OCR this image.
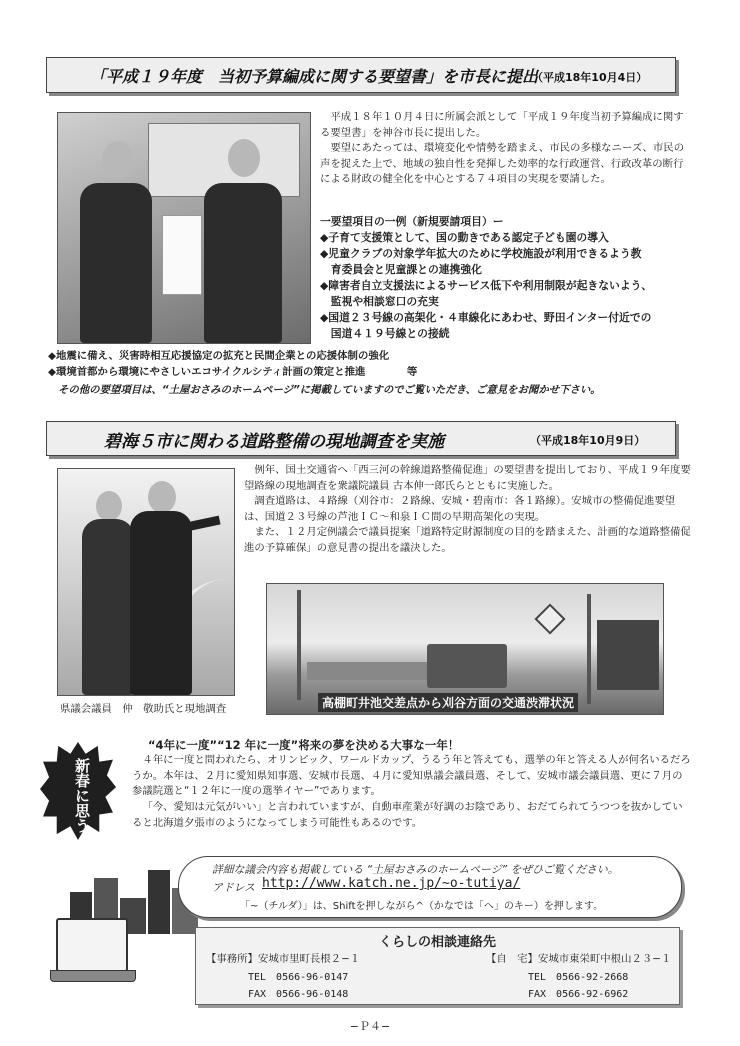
「平成１９年度　当初予算編成に関する要望書」を市長に提出
（平成18年10月4日）
平成１８年１０月４日に所属会派として「平成１９年度当初予算編成に関する要望書」を神谷市長に提出した。
要望にあたっては、環境変化や情勢を踏まえ、市民の多様なニーズ、市民の声を捉えた上で、地域の独自性を発揮した効率的な行政運営、行政改革の断行による財政の健全化を中心とする７４項目の実現を要請した。
一要望項目の一例（新規要請項目）ー
◆子育て支援策として、国の動きである認定子ども園の導入
◆児童クラブの対象学年拡大のために学校施設が利用できるよう教
　育委員会と児童課との連携強化
◆障害者自立支援法によるサービス低下や利用制限が起きないよう、
　監視や相談窓口の充実
◆国道２３号線の高架化・４車線化にあわせ、野田インター付近での
　国道４１９号線との接続
◆地震に備え、災害時相互応援協定の拡充と民間企業との応援体制の強化
◆環境首都から環境にやさしいエコサイクルシティ計画の策定と推進　　　　等
その他の要望項目は、“土屋おさみのホームページ”に掲載していますのでご覧いただき、ご意見をお聞かせ下さい。
碧海５市に関わる道路整備の現地調査を実施	（平成18年10月9日）
例年、国土交通省へ「西三河の幹線道路整備促進」の要望書を提出しており、平成１９年度要望路線の現地調査を衆議院議員 古本伸一郎氏らとともに実施した。
調査道路は、４路線（刈谷市：２路線、安城・碧南市：各１路線）。安城市の整備促進要望は、国道２３号線の芦池ＩＣ～和泉ＩＣ間の早期高架化の実現。
また、１２月定例議会で議員提案「道路特定財源制度の目的を踏まえた、計画的な道路整備促進の予算確保」の意見書の提出を議決した。
県議会議員　仲　敬助氏と現地調査	高棚町井池交差点から刈谷方面の交通渋滞状況
新春に思う！
“4年に一度”“12 年に一度”将来の夢を決める大事な一年！
４年に一度と問われたら、オリンピック、ワールドカップ、うるう年と答えても、選挙の年と答える人が何名いるだろうか。本年は、２月に愛知県知事選、安城市長選、４月に愛知県議会議員選、そして、安城市議会議員選、更に７月の参議院選と“１２年に一度の選挙イヤー”であります。
「今、愛知は元気がいい」と言われていますが、自動車産業が好調のお陰であり、おだてられてうつつを抜かしていると北海道夕張市のようになってしまう可能性もあるのです。
詳細な議会内容も掲載している “土屋おさみのホームページ” をぜひご覧ください。
アドレス http://www.katch.ne.jp/~o-tutiya/
「~（チルダ）」は、Shiftを押しながら^（かなでは「へ」のキー）を押します。
くらしの相談連絡先
【事務所】安城市里町長根２−１
TEL　0566-96-0147
FAX　0566-96-0148
【自　宅】安城市東栄町中根山２３−１
TEL　0566-92-2668
FAX　0566-92-6962
−Ｐ４−
